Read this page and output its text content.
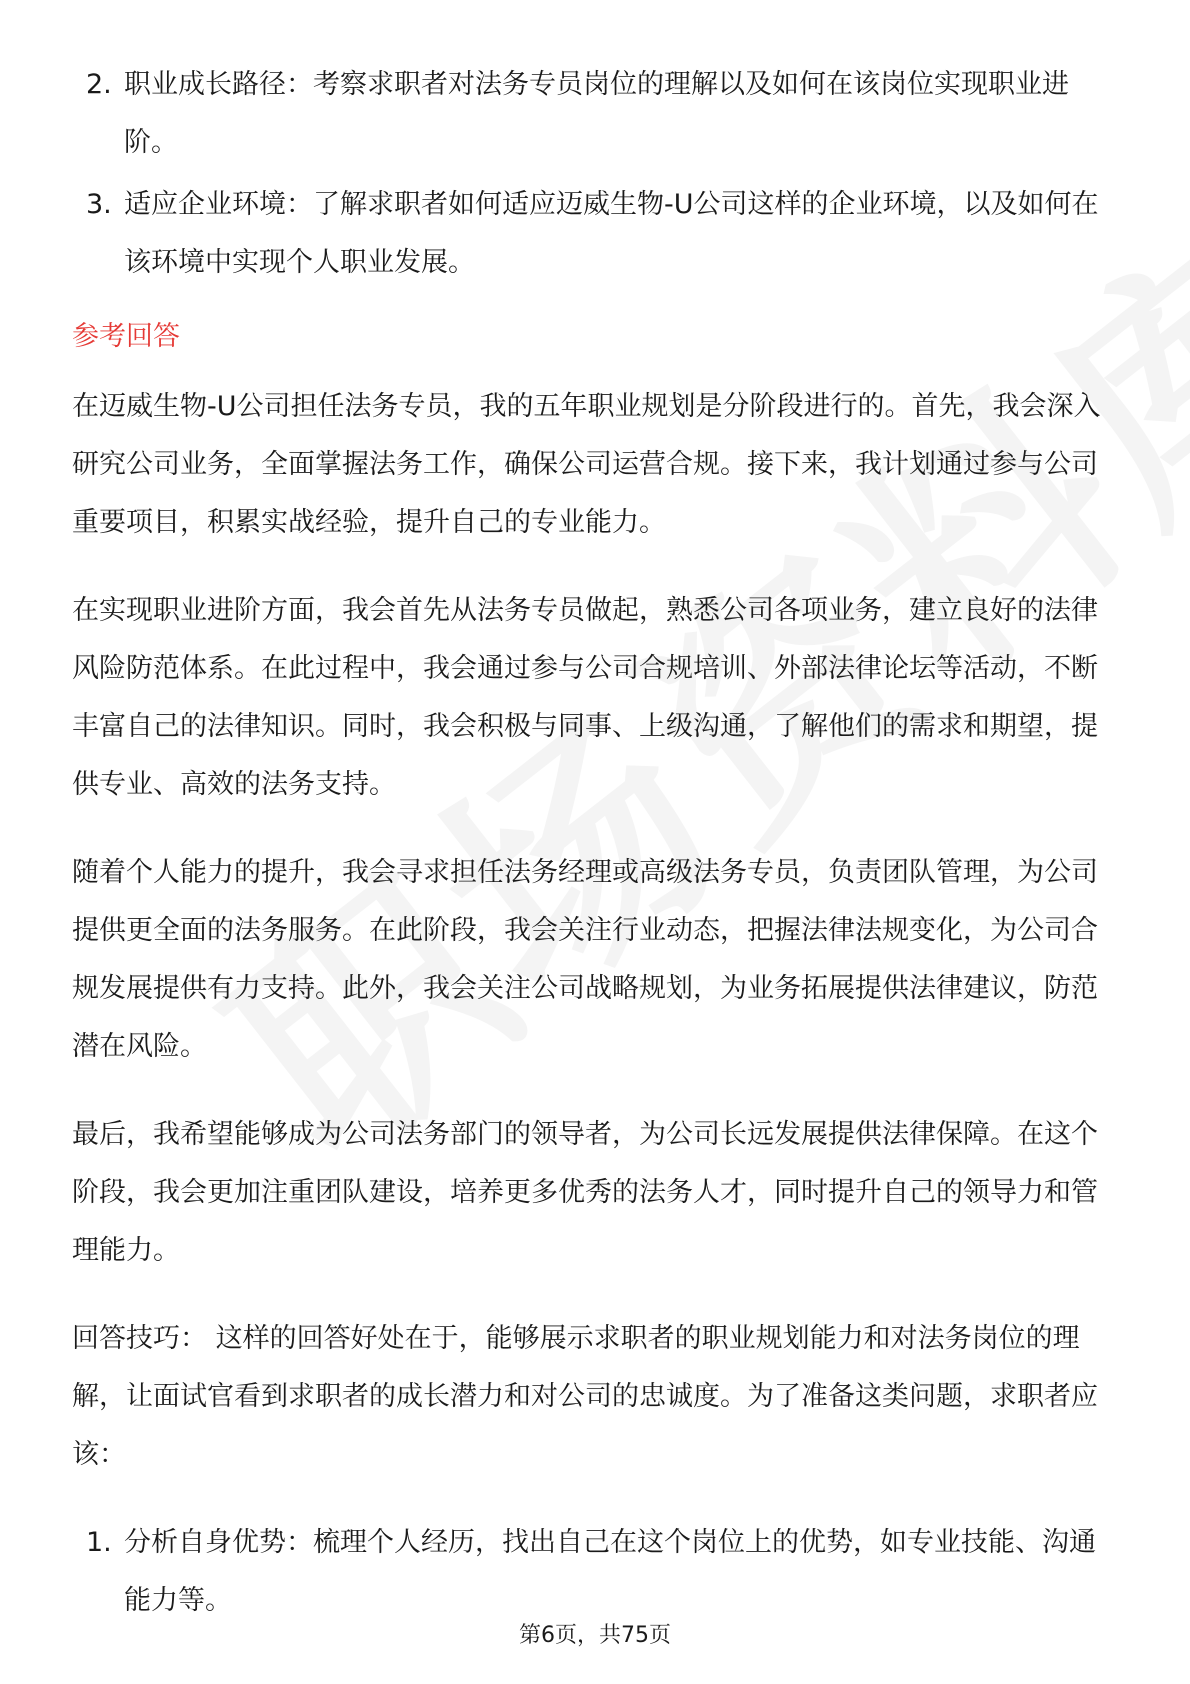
2. 职业成长路径：考察求职者对法务专员岗位的理解以及如何在该岗位实现职业进阶。
3. 适应企业环境：了解求职者如何适应迈威生物-U公司这样的企业环境，以及如何在该环境中实现个人职业发展。
参考回答

在迈威生物-U公司担任法务专员，我的五年职业规划是分阶段进行的。首先，我会深入研究公司业务，全面掌握法务工作，确保公司运营合规。接下来，我计划通过参与公司重要项目，积累实战经验，提升自己的专业能力。

在实现职业进阶方面，我会首先从法务专员做起，熟悉公司各项业务，建立良好的法律风险防范体系。在此过程中，我会通过参与公司合规培训、外部法律论坛等活动，不断丰富自己的法律知识。同时，我会积极与同事、上级沟通，了解他们的需求和期望，提供专业、高效的法务支持。

随着个人能力的提升，我会寻求担任法务经理或高级法务专员，负责团队管理，为公司提供更全面的法务服务。在此阶段，我会关注行业动态，把握法律法规变化，为公司合规发展提供有力支持。此外，我会关注公司战略规划，为业务拓展提供法律建议，防范潜在风险。

最后，我希望能够成为公司法务部门的领导者，为公司长远发展提供法律保障。在这个阶段，我会更加注重团队建设，培养更多优秀的法务人才，同时提升自己的领导力和管理能力。

回答技巧： 这样的回答好处在于，能够展示求职者的职业规划能力和对法务岗位的理解，让面试官看到求职者的成长潜力和对公司的忠诚度。为了准备这类问题，求职者应该：

1. 分析自身优势：梳理个人经历，找出自己在这个岗位上的优势，如专业技能、沟通能力等。
第6页，共75页
